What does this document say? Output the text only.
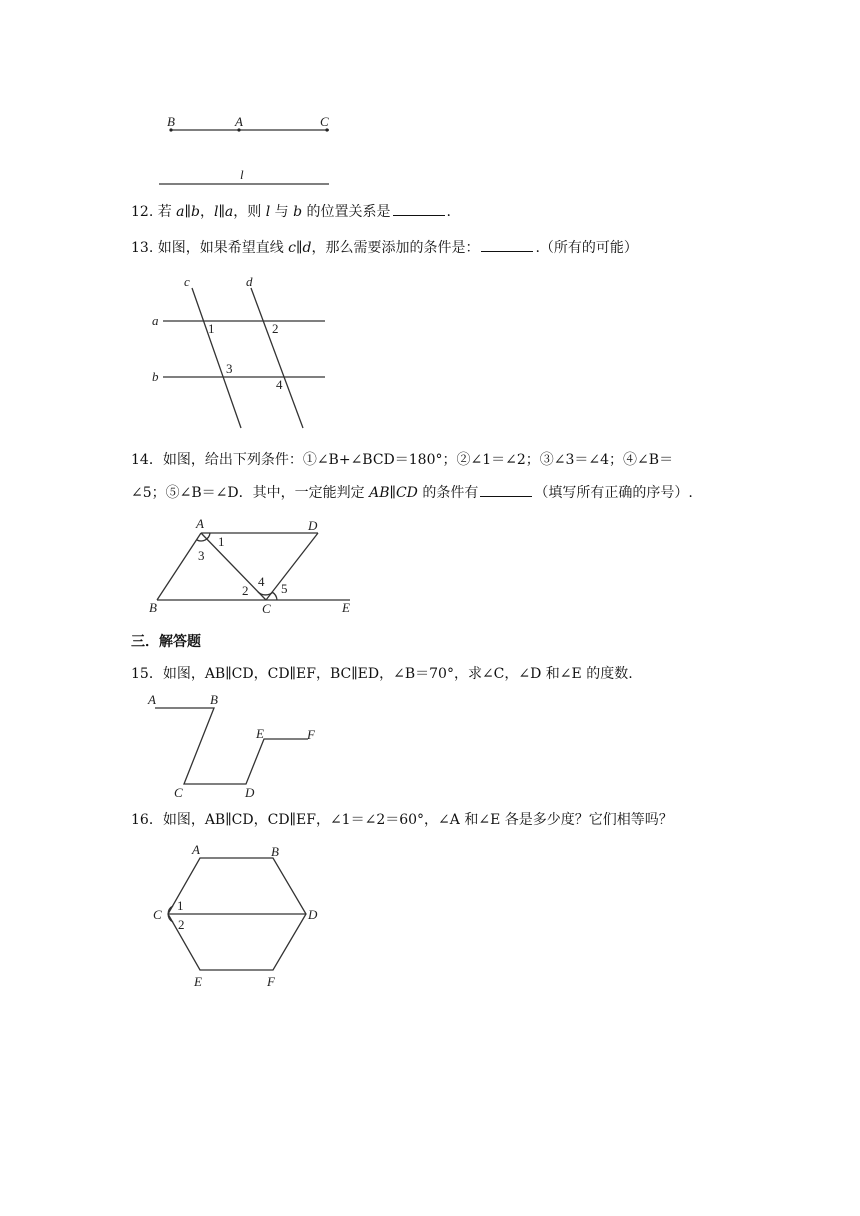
B	A	C
l
12. 若 a∥b，l∥a，则 l 与 b 的位置关系是	.
13. 如图，如果希望直线 c∥d，那么需要添加的条件是：	.（所有的可能）
c	d
a
b
1	2
3
4
14．如图，给出下列条件：①∠B+∠BCD＝180°；②∠1＝∠2；③∠3＝∠4；④∠B＝
∠5；⑤∠B＝∠D．其中，一定能判定 AB∥CD 的条件有	（填写所有正确的序号）.
A	D
B	C	E
1
3
2
4 5
三．解答题
15．如图，AB∥CD，CD∥EF，BC∥ED，∠B＝70°，求∠C，∠D 和∠E 的度数.
A	B
C	D
E	F
16．如图，AB∥CD，CD∥EF，∠1＝∠2＝60°，∠A 和∠E 各是多少度？它们相等吗？
A	B
C	D
E	F
1
2
